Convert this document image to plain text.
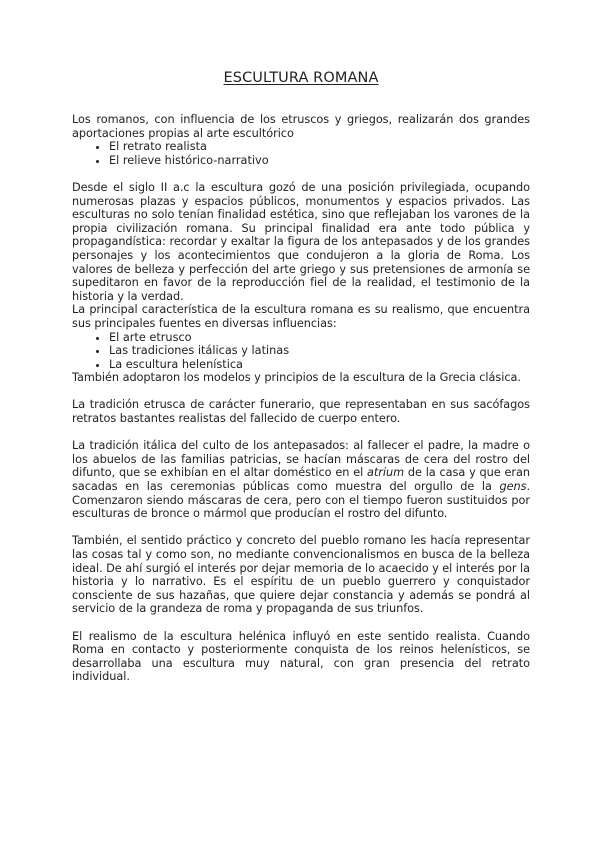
ESCULTURA ROMANA

Los romanos, con influencia de los etruscos y griegos, realizarán dos grandes aportaciones propias al arte escultórico

• El retrato realista
• El relieve histórico-narrativo

Desde el siglo II a.c la escultura gozó de una posición privilegiada, ocupando numerosas plazas y espacios públicos, monumentos y espacios privados. Las esculturas no solo tenían finalidad estética, sino que reflejaban los varones de la propia civilización romana. Su principal finalidad era ante todo pública y propagandística: recordar y exaltar la figura de los antepasados y de los grandes personajes y los acontecimientos que condujeron a la gloria de Roma. Los valores de belleza y perfección del arte griego y sus pretensiones de armonía se supeditaron en favor de la reproducción fiel de la realidad, el testimonio de la historia y la verdad.

La principal característica de la escultura romana es su realismo, que encuentra sus principales fuentes en diversas influencias:

• El arte etrusco
• Las tradiciones itálicas y latinas
• La escultura helenística

También adoptaron los modelos y principios de la escultura de la Grecia clásica.

La tradición etrusca de carácter funerario, que representaban en sus sacófagos retratos bastantes realistas del fallecido de cuerpo entero.

La tradición itálica del culto de los antepasados: al fallecer el padre, la madre o los abuelos de las familias patricias, se hacían máscaras de cera del rostro del difunto, que se exhibían en el altar doméstico en el atrium de la casa y que eran sacadas en las ceremonias públicas como muestra del orgullo de la gens. Comenzaron siendo máscaras de cera, pero con el tiempo fueron sustituidos por esculturas de bronce o mármol que producían el rostro del difunto.

También, el sentido práctico y concreto del pueblo romano les hacía representar las cosas tal y como son, no mediante convencionalismos en busca de la belleza ideal. De ahí surgió el interés por dejar memoria de lo acaecido y el interés por la historia y lo narrativo. Es el espíritu de un pueblo guerrero y conquistador consciente de sus hazañas, que quiere dejar constancia y además se pondrá al servicio de la grandeza de roma y propaganda de sus triunfos.

El realismo de la escultura helénica influyó en este sentido realista. Cuando Roma en contacto y posteriormente conquista de los reinos helenísticos, se desarrollaba una escultura muy natural, con gran presencia del retrato individual.
